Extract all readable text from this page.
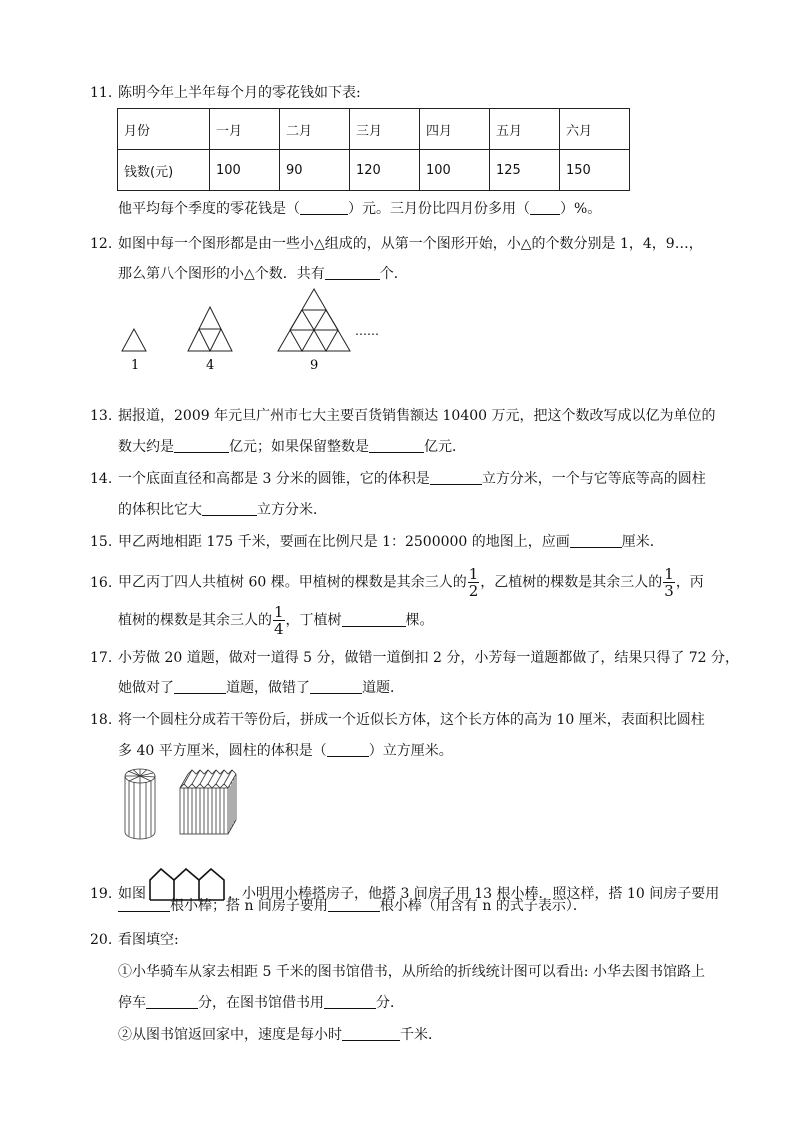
11. 陈明今年上半年每个月的零花钱如下表:
月份	一月	二月	三月	四月	五月	六月
钱数(元)	100	90	120	100	125	150
他平均每个季度的零花钱是（	）元。三月份比四月份多用（ ）%。
12. 如图中每一个图形都是由一些小△组成的，从第一个图形开始，小△的个数分别是 1，4，9…，
那么第八个图形的小△个数．共有	个．
……
1	4	9
13. 据报道，2009 年元旦广州市七大主要百货销售额达 10400 万元，把这个数改写成以亿为单位的
数大约是	亿元；如果保留整数是	亿元．
14. 一个底面直径和高都是 3 分米的圆锥，它的体积是	立方分米，一个与它等底等高的圆柱
的体积比它大	立方分米．
15. 甲乙两地相距 175 千米，要画在比例尺是 1：2500000 的地图上，应画	厘米．
16. 甲乙丙丁四人共植树 60 棵。甲植树的棵数是其余三人的 $\frac{1}{2}$ ，乙植树的棵数是其余三人的 $\frac{1}{3}$ ，丙
植树的棵数是其余三人的 $\frac{1}{4}$ ，丁植树	棵。
17. 小芳做 20 道题，做对一道得 5 分，做错一道倒扣 2 分，小芳每一道题都做了，结果只得了 72 分，
她做对了	道题，做错了	道题．
18. 将一个圆柱分成若干等份后，拼成一个近似长方体，这个长方体的高为 10 厘米，表面积比圆柱
多 40 平方厘米，圆柱的体积是（	）立方厘米。
19. 如图	，小明用小棒搭房子，他搭 3 间房子用 13 根小棒．照这样，搭 10 间房子要用
根小棒；搭 n 间房子要用	根小棒（用含有 n 的式子表示）．
20. 看图填空:
①小华骑车从家去相距 5 千米的图书馆借书，从所给的折线统计图可以看出: 小华去图书馆路上
停车	分，在图书馆借书用	分．
②从图书馆返回家中，速度是每小时	千米．
